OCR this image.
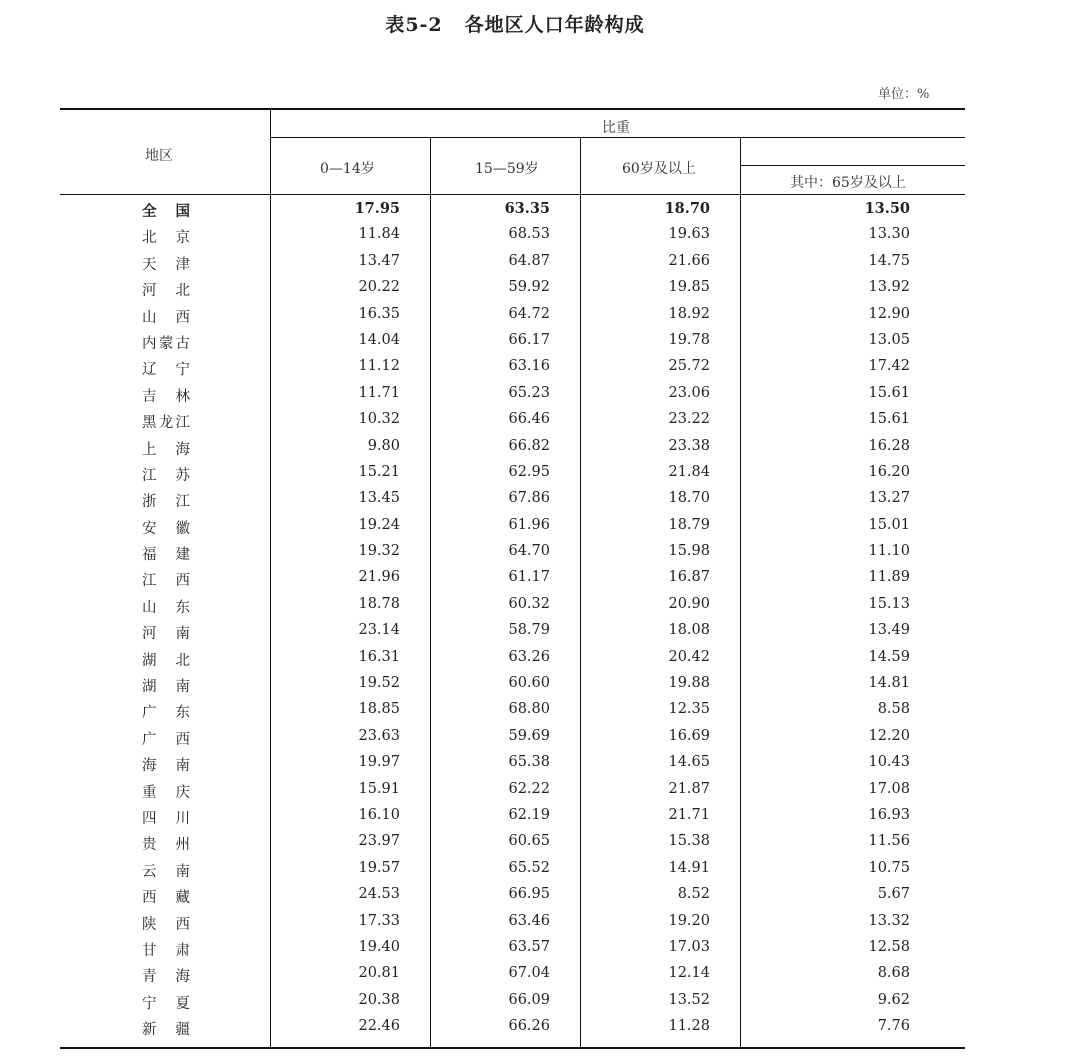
表5-2 各地区人口年龄构成
单位：%
地区
比重
0—14岁	15—59岁	60岁及以上
其中：65岁及以上
全 国	17.95	63.35	18.70	13.50
北 京	11.84	68.53	19.63	13.30
天 津	13.47	64.87	21.66	14.75
河 北	20.22	59.92	19.85	13.92
山 西	16.35	64.72	18.92	12.90
内 蒙 古	14.04	66.17	19.78	13.05
辽 宁	11.12	63.16	25.72	17.42
吉 林	11.71	65.23	23.06	15.61
黑 龙 江	10.32	66.46	23.22	15.61
上 海	9.80	66.82	23.38	16.28
江 苏	15.21	62.95	21.84	16.20
浙 江	13.45	67.86	18.70	13.27
安 徽	19.24	61.96	18.79	15.01
福 建	19.32	64.70	15.98	11.10
江 西	21.96	61.17	16.87	11.89
山 东	18.78	60.32	20.90	15.13
河 南	23.14	58.79	18.08	13.49
湖 北	16.31	63.26	20.42	14.59
湖 南	19.52	60.60	19.88	14.81
广 东	18.85	68.80	12.35	8.58
广 西	23.63	59.69	16.69	12.20
海 南	19.97	65.38	14.65	10.43
重 庆	15.91	62.22	21.87	17.08
四 川	16.10	62.19	21.71	16.93
贵 州	23.97	60.65	15.38	11.56
云 南	19.57	65.52	14.91	10.75
西 藏	24.53	66.95	8.52	5.67
陕 西	17.33	63.46	19.20	13.32
甘 肃	19.40	63.57	17.03	12.58
青 海	20.81	67.04	12.14	8.68
宁 夏	20.38	66.09	13.52	9.62
新 疆	22.46	66.26	11.28	7.76
